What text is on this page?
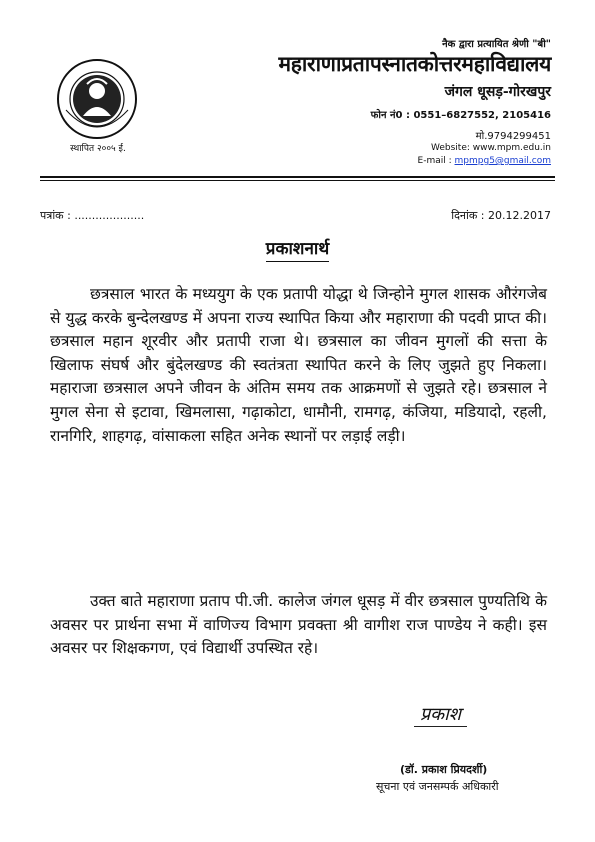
स्थापित २००५ ई.
नैक द्वारा प्रत्यायित श्रेणी "बी"
महाराणाप्रतापस्नातकोत्तरमहाविद्यालय
जंगल धूसड़-गोरखपुर
फोन नं0 : 0551–6827552, 2105416
मो.9794299451
Website: www.mpm.edu.in
E-mail : mpmpg5@gmail.com
पत्रांक : ....................	दिनांक : 20.12.2017
प्रकाशनार्थ

छत्रसाल भारत के मध्ययुग के एक प्रतापी योद्धा थे जिन्होने मुगल शासक औरंगजेब से युद्ध करके बुन्देलखण्ड में अपना राज्य स्थापित किया और महाराणा की पदवी प्राप्त की। छत्रसाल महान शूरवीर और प्रतापी राजा थे। छत्रसाल का जीवन मुगलों की सत्ता के खिलाफ संघर्ष और बुंदेलखण्ड की स्वतंत्रता स्थापित करने के लिए जुझते हुए निकला। महाराजा छत्रसाल अपने जीवन के अंतिम समय तक आक्रमणों से जुझते रहे। छत्रसाल ने मुगल सेना से इटावा, खिमलासा, गढ़ाकोटा, धामौनी, रामगढ़, कंजिया, मडियादो, रहली, रानगिरि, शाहगढ़, वांसाकला सहित अनेक स्थानों पर लड़ाई लड़ी।

उक्त बाते महाराणा प्रताप पी.जी. कालेज जंगल धूसड़ में वीर छत्रसाल पुण्यतिथि के अवसर पर प्रार्थना सभा में वाणिज्य विभाग प्रवक्ता श्री वागीश राज पाण्डेय ने कही। इस अवसर पर शिक्षकगण, एवं विद्यार्थी उपस्थित रहे।

प्रकाश
(डॉ. प्रकाश प्रियदर्शी)
सूचना एवं जनसम्पर्क अधिकारी
